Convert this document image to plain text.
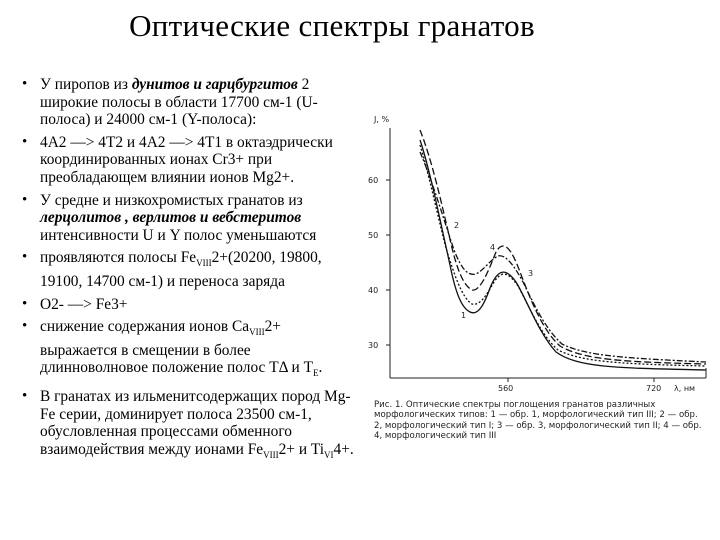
Оптические спектры гранатов
• У пиропов из дунитов и гарцбургитов 2 широкие полосы в области 17700 см-1 (U-полоса) и 24000 см-1 (Y-полоса):
• 4A2 —> 4T2 и 4A2 —> 4T1 в октаэдрически координированных ионах Cr3+ при преобладающем влиянии ионов Mg2+.
• У средне и низкохромистых гранатов из лерцолитов , верлитов и вебстеритов интенсивности U и Y полос уменьшаются
• проявляются полосы $Fe_{VIII}2+(20200$, 19800, 19100, 14700 см-1) и переноса заряда
• O2- —> Fe3+
• снижение содержания ионов $Ca_{VIII}2+$ выражается в смещении в более длинноволновое положение полос TΔ и $T_E$.
• В гранатах из ильменитсодержащих пород Mg-Fe серии, доминирует полоса 23500 см-1, обусловленная процессами обменного взаимодействия между ионами $Fe_{VIII}2+ и$ $Ti_{VI}4+$.
J, %
60
50
40
30
560	720 λ, нм
1
2
3
4
Рис. 1. Оптические спектры поглощения гранатов различных морфологических типов: 1 — обр. 1, морфологический тип III; 2 — обр. 2, морфологический тип I; 3 — обр. 3, морфологический тип II; 4 — обр. 4, морфологический тип III
